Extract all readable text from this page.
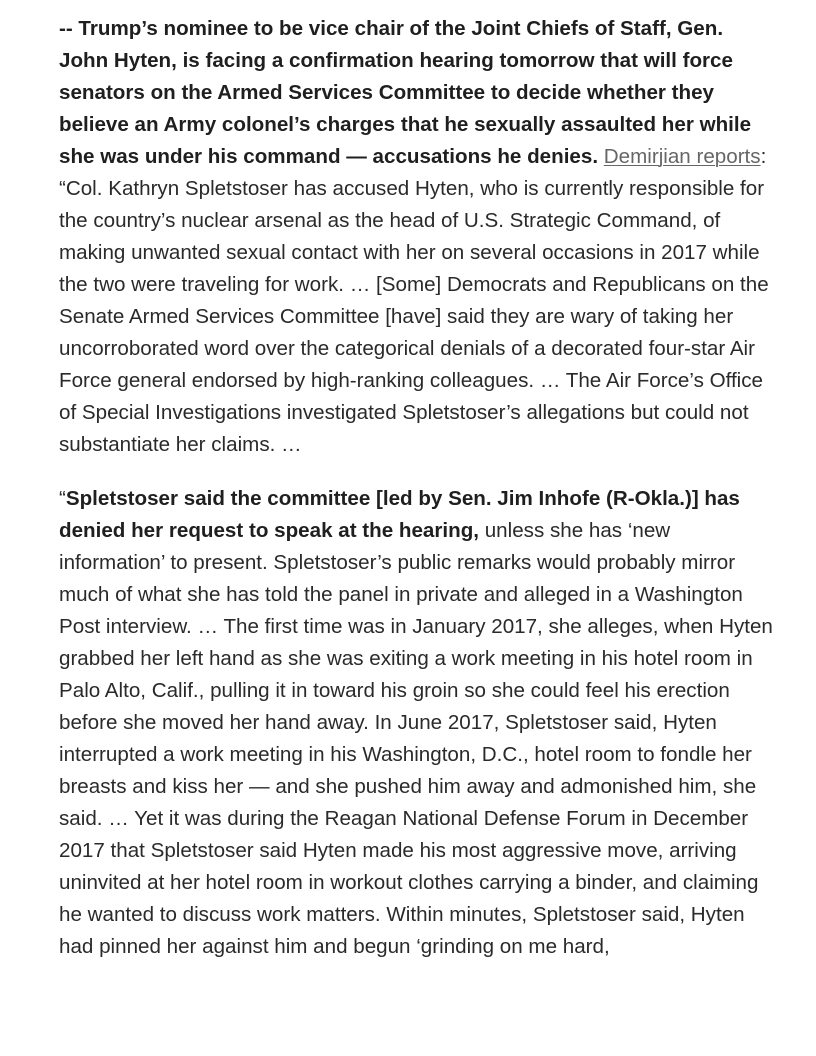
-- Trump’s nominee to be vice chair of the Joint Chiefs of Staff, Gen. John Hyten, is facing a confirmation hearing tomorrow that will force senators on the Armed Services Committee to decide whether they believe an Army colonel’s charges that he sexually assaulted her while she was under his command — accusations he denies. Demirjian reports: “Col. Kathryn Spletstoser has accused Hyten, who is currently responsible for the country’s nuclear arsenal as the head of U.S. Strategic Command, of making unwanted sexual contact with her on several occasions in 2017 while the two were traveling for work. … [Some] Democrats and Republicans on the Senate Armed Services Committee [have] said they are wary of taking her uncorroborated word over the categorical denials of a decorated four-star Air Force general endorsed by high-ranking colleagues. … The Air Force’s Office of Special Investigations investigated Spletstoser’s allegations but could not substantiate her claims. …

“Spletstoser said the committee [led by Sen. Jim Inhofe (R-Okla.)] has denied her request to speak at the hearing, unless she has ‘new information’ to present. Spletstoser’s public remarks would probably mirror much of what she has told the panel in private and alleged in a Washington Post interview. … The first time was in January 2017, she alleges, when Hyten grabbed her left hand as she was exiting a work meeting in his hotel room in Palo Alto, Calif., pulling it in toward his groin so she could feel his erection before she moved her hand away. In June 2017, Spletstoser said, Hyten interrupted a work meeting in his Washington, D.C., hotel room to fondle her breasts and kiss her — and she pushed him away and admonished him, she said. … Yet it was during the Reagan National Defense Forum in December 2017 that Spletstoser said Hyten made his most aggressive move, arriving uninvited at her hotel room in workout clothes carrying a binder, and claiming he wanted to discuss work matters. Within minutes, Spletstoser said, Hyten had pinned her against him and begun ‘grinding on me hard,
